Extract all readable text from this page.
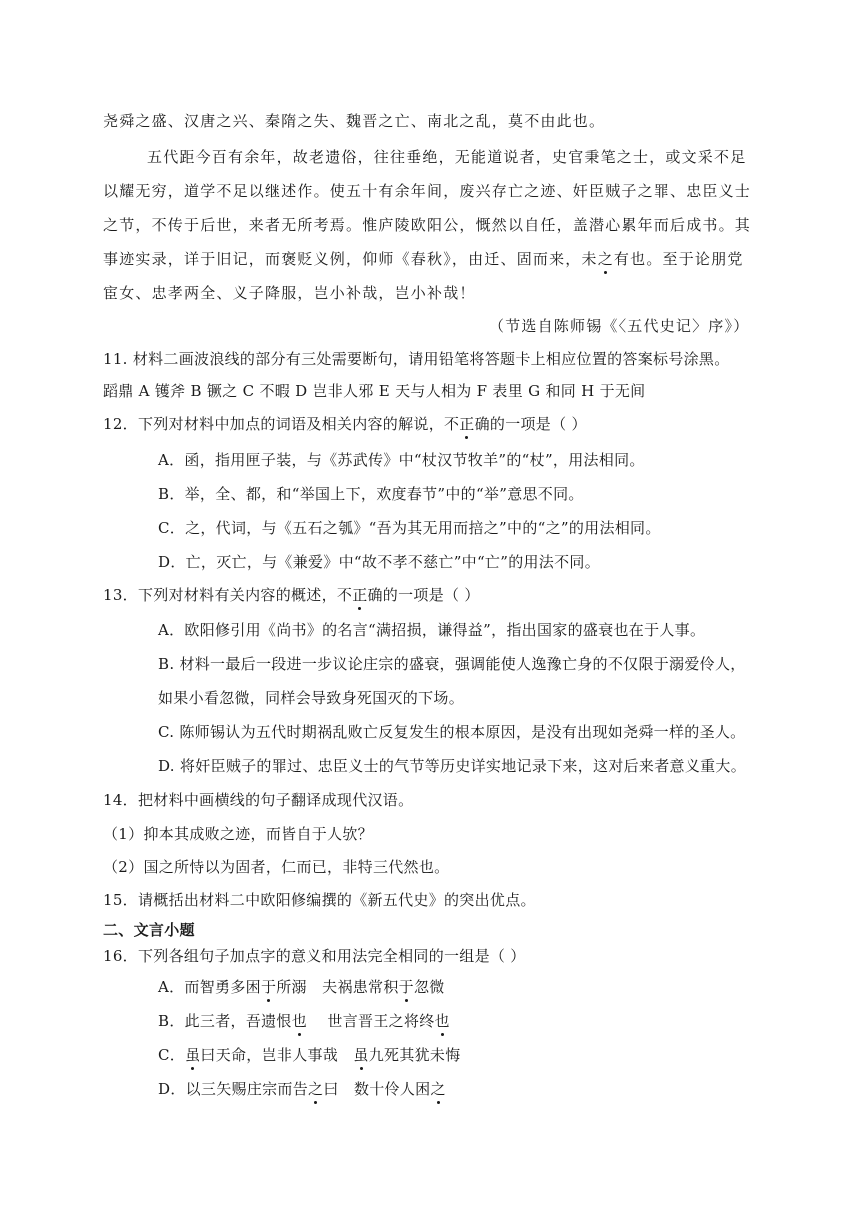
尧舜之盛、汉唐之兴、秦隋之失、魏晋之亡、南北之乱，莫不由此也。
五代距今百有余年，故老遗俗，往往垂绝，无能道说者，史官秉笔之士，或文采不足
以耀无穷，道学不足以继述作。使五十有余年间，废兴存亡之迹、奸臣贼子之罪、忠臣义士
之节，不传于后世，来者无所考焉。惟庐陵欧阳公，慨然以自任，盖潜心累年而后成书。其
事迹实录，详于旧记，而褒贬义例，仰师《春秋》，由迁、固而来，未之有也。至于论朋党
宦女、忠孝两全、义子降服，岂小补哉，岂小补哉！
（节选自陈师锡《〈五代史记〉序》）
11. 材料二画波浪线的部分有三处需要断句，请用铅笔将答题卡上相应位置的答案标号涂黑。
蹈鼎 A 镬斧 B 镢之 C 不暇 D 岂非人邪 E 天与人相为 F 表里 G 和同 H 于无间
12．下列对材料中加点的词语及相关内容的解说，不正确的一项是（ ）
A．函，指用匣子装，与《苏武传》中“杖汉节牧羊”的“杖”，用法相同。
B．举，全、都，和“举国上下，欢度春节”中的“举”意思不同。
C．之，代词，与《五石之瓠》“吾为其无用而掊之”中的“之”的用法相同。
D．亡，灭亡，与《兼爱》中“故不孝不慈亡”中“亡”的用法不同。
13．下列对材料有关内容的概述，不正确的一项是（ ）
A．欧阳修引用《尚书》的名言“满招损，谦得益”，指出国家的盛衰也在于人事。
B. 材料一最后一段进一步议论庄宗的盛衰，强调能使人逸豫亡身的不仅限于溺爱伶人，
如果小看忽微，同样会导致身死国灭的下场。
C. 陈师锡认为五代时期祸乱败亡反复发生的根本原因，是没有出现如尧舜一样的圣人。
D. 将奸臣贼子的罪过、忠臣义士的气节等历史详实地记录下来，这对后来者意义重大。
14．把材料中画横线的句子翻译成现代汉语。
（1）抑本其成败之迹，而皆自于人欤？
（2）国之所恃以为固者，仁而已，非特三代然也。
15．请概括出材料二中欧阳修编撰的《新五代史》的突出优点。
二、文言小题
16．下列各组句子加点字的意义和用法完全相同的一组是（ ）
A．而智勇多困于所溺　夫祸患常积于忽微
B．此三者，吾遗恨也　 世言晋王之将终也
C．虽曰天命，岂非人事哉　虽九死其犹未悔
D．以三矢赐庄宗而告之曰　数十伶人困之
